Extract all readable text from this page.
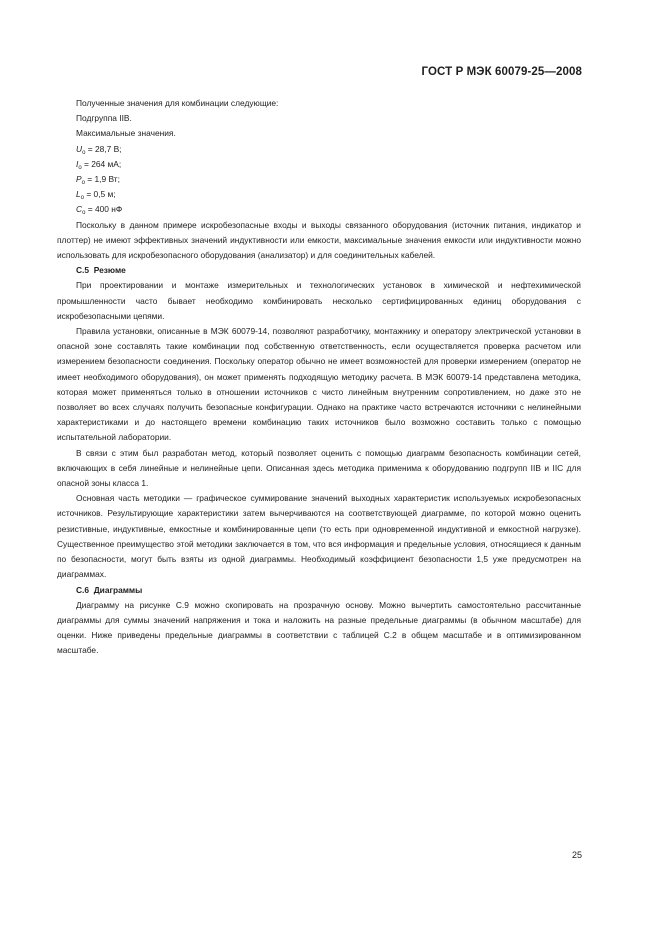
ГОСТ Р МЭК 60079-25—2008

Полученные значения для комбинации следующие:

Подгруппа IIB.

Максимальные значения.

$U_o = 28,7$ В;

$I_o = 264$ мА;

$P_o = 1,9$ Вт;

$L_o = 0,5$ м;

$C_o = 400$ нФ

Поскольку в данном примере искробезопасные входы и выходы связанного оборудования (источник питания, индикатор и плоттер) не имеют эффективных значений индуктивности или емкости, максимальные значения емкости или индуктивности можно использовать для искробезопасного оборудования (анализатор) и для соединительных кабелей.

С.5 Резюме

При проектировании и монтаже измерительных и технологических установок в химической и нефтехимической промышленности часто бывает необходимо комбинировать несколько сертифицированных единиц оборудования с искробезопасными цепями.

Правила установки, описанные в МЭК 60079-14, позволяют разработчику, монтажнику и оператору электрической установки в опасной зоне составлять такие комбинации под собственную ответственность, если осуществляется проверка расчетом или измерением безопасности соединения. Поскольку оператор обычно не имеет возможностей для проверки измерением (оператор не имеет необходимого оборудования), он может применять подходящую методику расчета. В МЭК 60079-14 представлена методика, которая может применяться только в отношении источников с чисто линейным внутренним сопротивлением, но даже это не позволяет во всех случаях получить безопасные конфигурации. Однако на практике часто встречаются источники с нелинейными характеристиками и до настоящего времени комбинацию таких источников было возможно составить только с помощью испытательной лаборатории.

В связи с этим был разработан метод, который позволяет оценить с помощью диаграмм безопасность комбинации сетей, включающих в себя линейные и нелинейные цепи. Описанная здесь методика применима к оборудованию подгрупп IIB и IIC для опасной зоны класса 1.

Основная часть методики — графическое суммирование значений выходных характеристик используемых искробезопасных источников. Результирующие характеристики затем вычерчиваются на соответствующей диаграмме, по которой можно оценить резистивные, индуктивные, емкостные и комбинированные цепи (то есть при одновременной индуктивной и емкостной нагрузке). Существенное преимущество этой методики заключается в том, что вся информация и предельные условия, относящиеся к данным по безопасности, могут быть взяты из одной диаграммы. Необходимый коэффициент безопасности 1,5 уже предусмотрен на диаграммах.

С.6 Диаграммы

Диаграмму на рисунке С.9 можно скопировать на прозрачную основу. Можно вычертить самостоятельно рассчитанные диаграммы для суммы значений напряжения и тока и наложить на разные предельные диаграммы (в обычном масштабе) для оценки. Ниже приведены предельные диаграммы в соответствии с таблицей С.2 в общем масштабе и в оптимизированном масштабе.

25
